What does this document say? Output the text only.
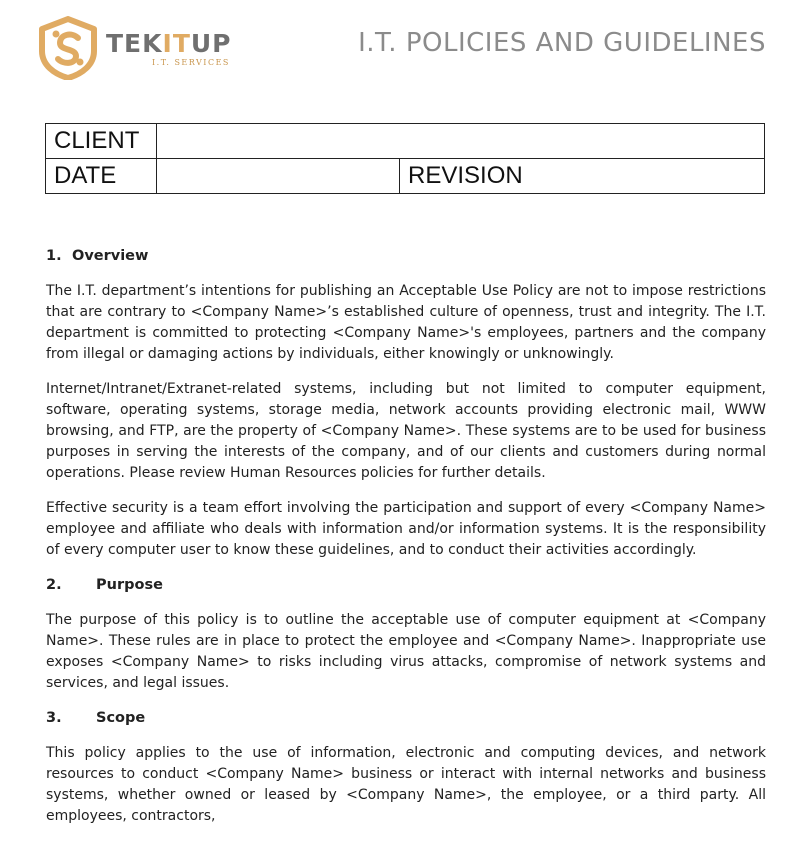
TEKITUP
I.T. SERVICES
I.T. POLICIES AND GUIDELINES
CLIENT		
DATE		REVISION
1. Overview

The I.T. department’s intentions for publishing an Acceptable Use Policy are not to impose restrictions that are contrary to <Company Name>’s established culture of openness, trust and integrity. The I.T. department is committed to protecting <Company Name>'s employees, partners and the company from illegal or damaging actions by individuals, either knowingly or unknowingly.

Internet/Intranet/Extranet-related systems, including but not limited to computer equipment, software, operating systems, storage media, network accounts providing electronic mail, WWW browsing, and FTP, are the property of <Company Name>. These systems are to be used for business purposes in serving the interests of the company, and of our clients and customers during normal operations. Please review Human Resources policies for further details.

Effective security is a team effort involving the participation and support of every <Company Name> employee and affiliate who deals with information and/or information systems. It is the responsibility of every computer user to know these guidelines, and to conduct their activities accordingly.

2.	Purpose

The purpose of this policy is to outline the acceptable use of computer equipment at <Company Name>. These rules are in place to protect the employee and <Company Name>. Inappropriate use exposes <Company Name> to risks including virus attacks, compromise of network systems and services, and legal issues.

3.	Scope

This policy applies to the use of information, electronic and computing devices, and network resources to conduct <Company Name> business or interact with internal networks and business systems, whether owned or leased by <Company Name>, the employee, or a third party. All employees, contractors,
